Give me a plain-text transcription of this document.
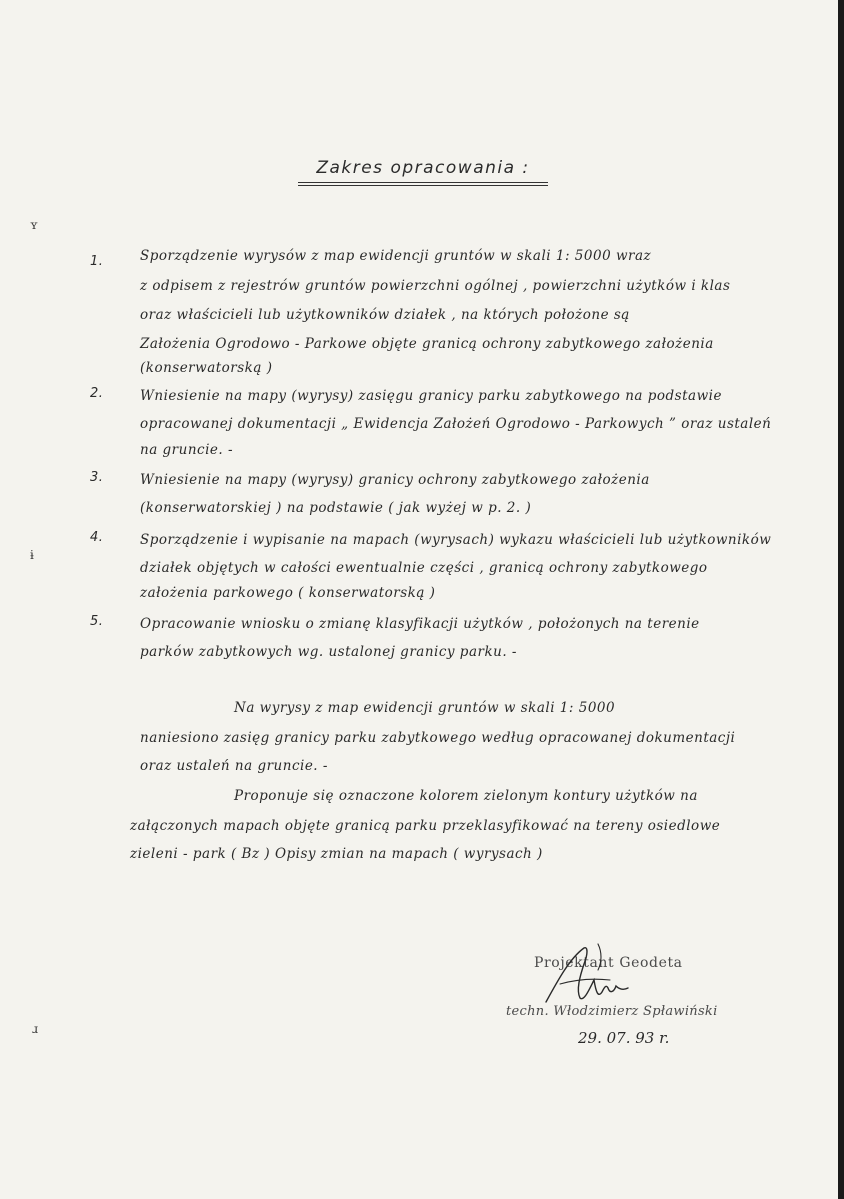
ʏ
ɨ
ɹ
Zakres opracowania :
1.	Sporządzenie wyrysów z map ewidencji gruntów w skali 1: 5000 wraz
z odpisem z rejestrów gruntów powierzchni ogólnej , powierzchni użytków i klas
oraz właścicieli lub użytkowników działek , na których położone są
Założenia Ogrodowo - Parkowe objęte granicą ochrony zabytkowego założenia
(konserwatorską )
2.	Wniesienie na mapy (wyrysy) zasięgu granicy parku zabytkowego na podstawie
opracowanej dokumentacji „ Ewidencja Założeń Ogrodowo - Parkowych ” oraz ustaleń
na gruncie. -
3.	Wniesienie na mapy (wyrysy) granicy ochrony zabytkowego założenia
(konserwatorskiej ) na podstawie ( jak wyżej w p. 2. )
4.	Sporządzenie i wypisanie na mapach (wyrysach) wykazu właścicieli lub użytkowników
działek objętych w całości ewentualnie części , granicą ochrony zabytkowego
założenia parkowego ( konserwatorską )
5.	Opracowanie wniosku o zmianę klasyfikacji użytków , położonych na terenie
parków zabytkowych wg. ustalonej granicy parku. -
Na wyrysy z map ewidencji gruntów w skali 1: 5000
naniesiono zasięg granicy parku zabytkowego według opracowanej dokumentacji
oraz ustaleń na gruncie. -
Proponuje się oznaczone kolorem zielonym kontury użytków na
załączonych mapach objęte granicą parku przeklasyfikować na tereny osiedlowe
zieleni - park ( Bz ) Opisy zmian na mapach ( wyrysach )
Projektant Geodeta
techn. Włodzimierz Spławiński
29. 07. 93 r.
